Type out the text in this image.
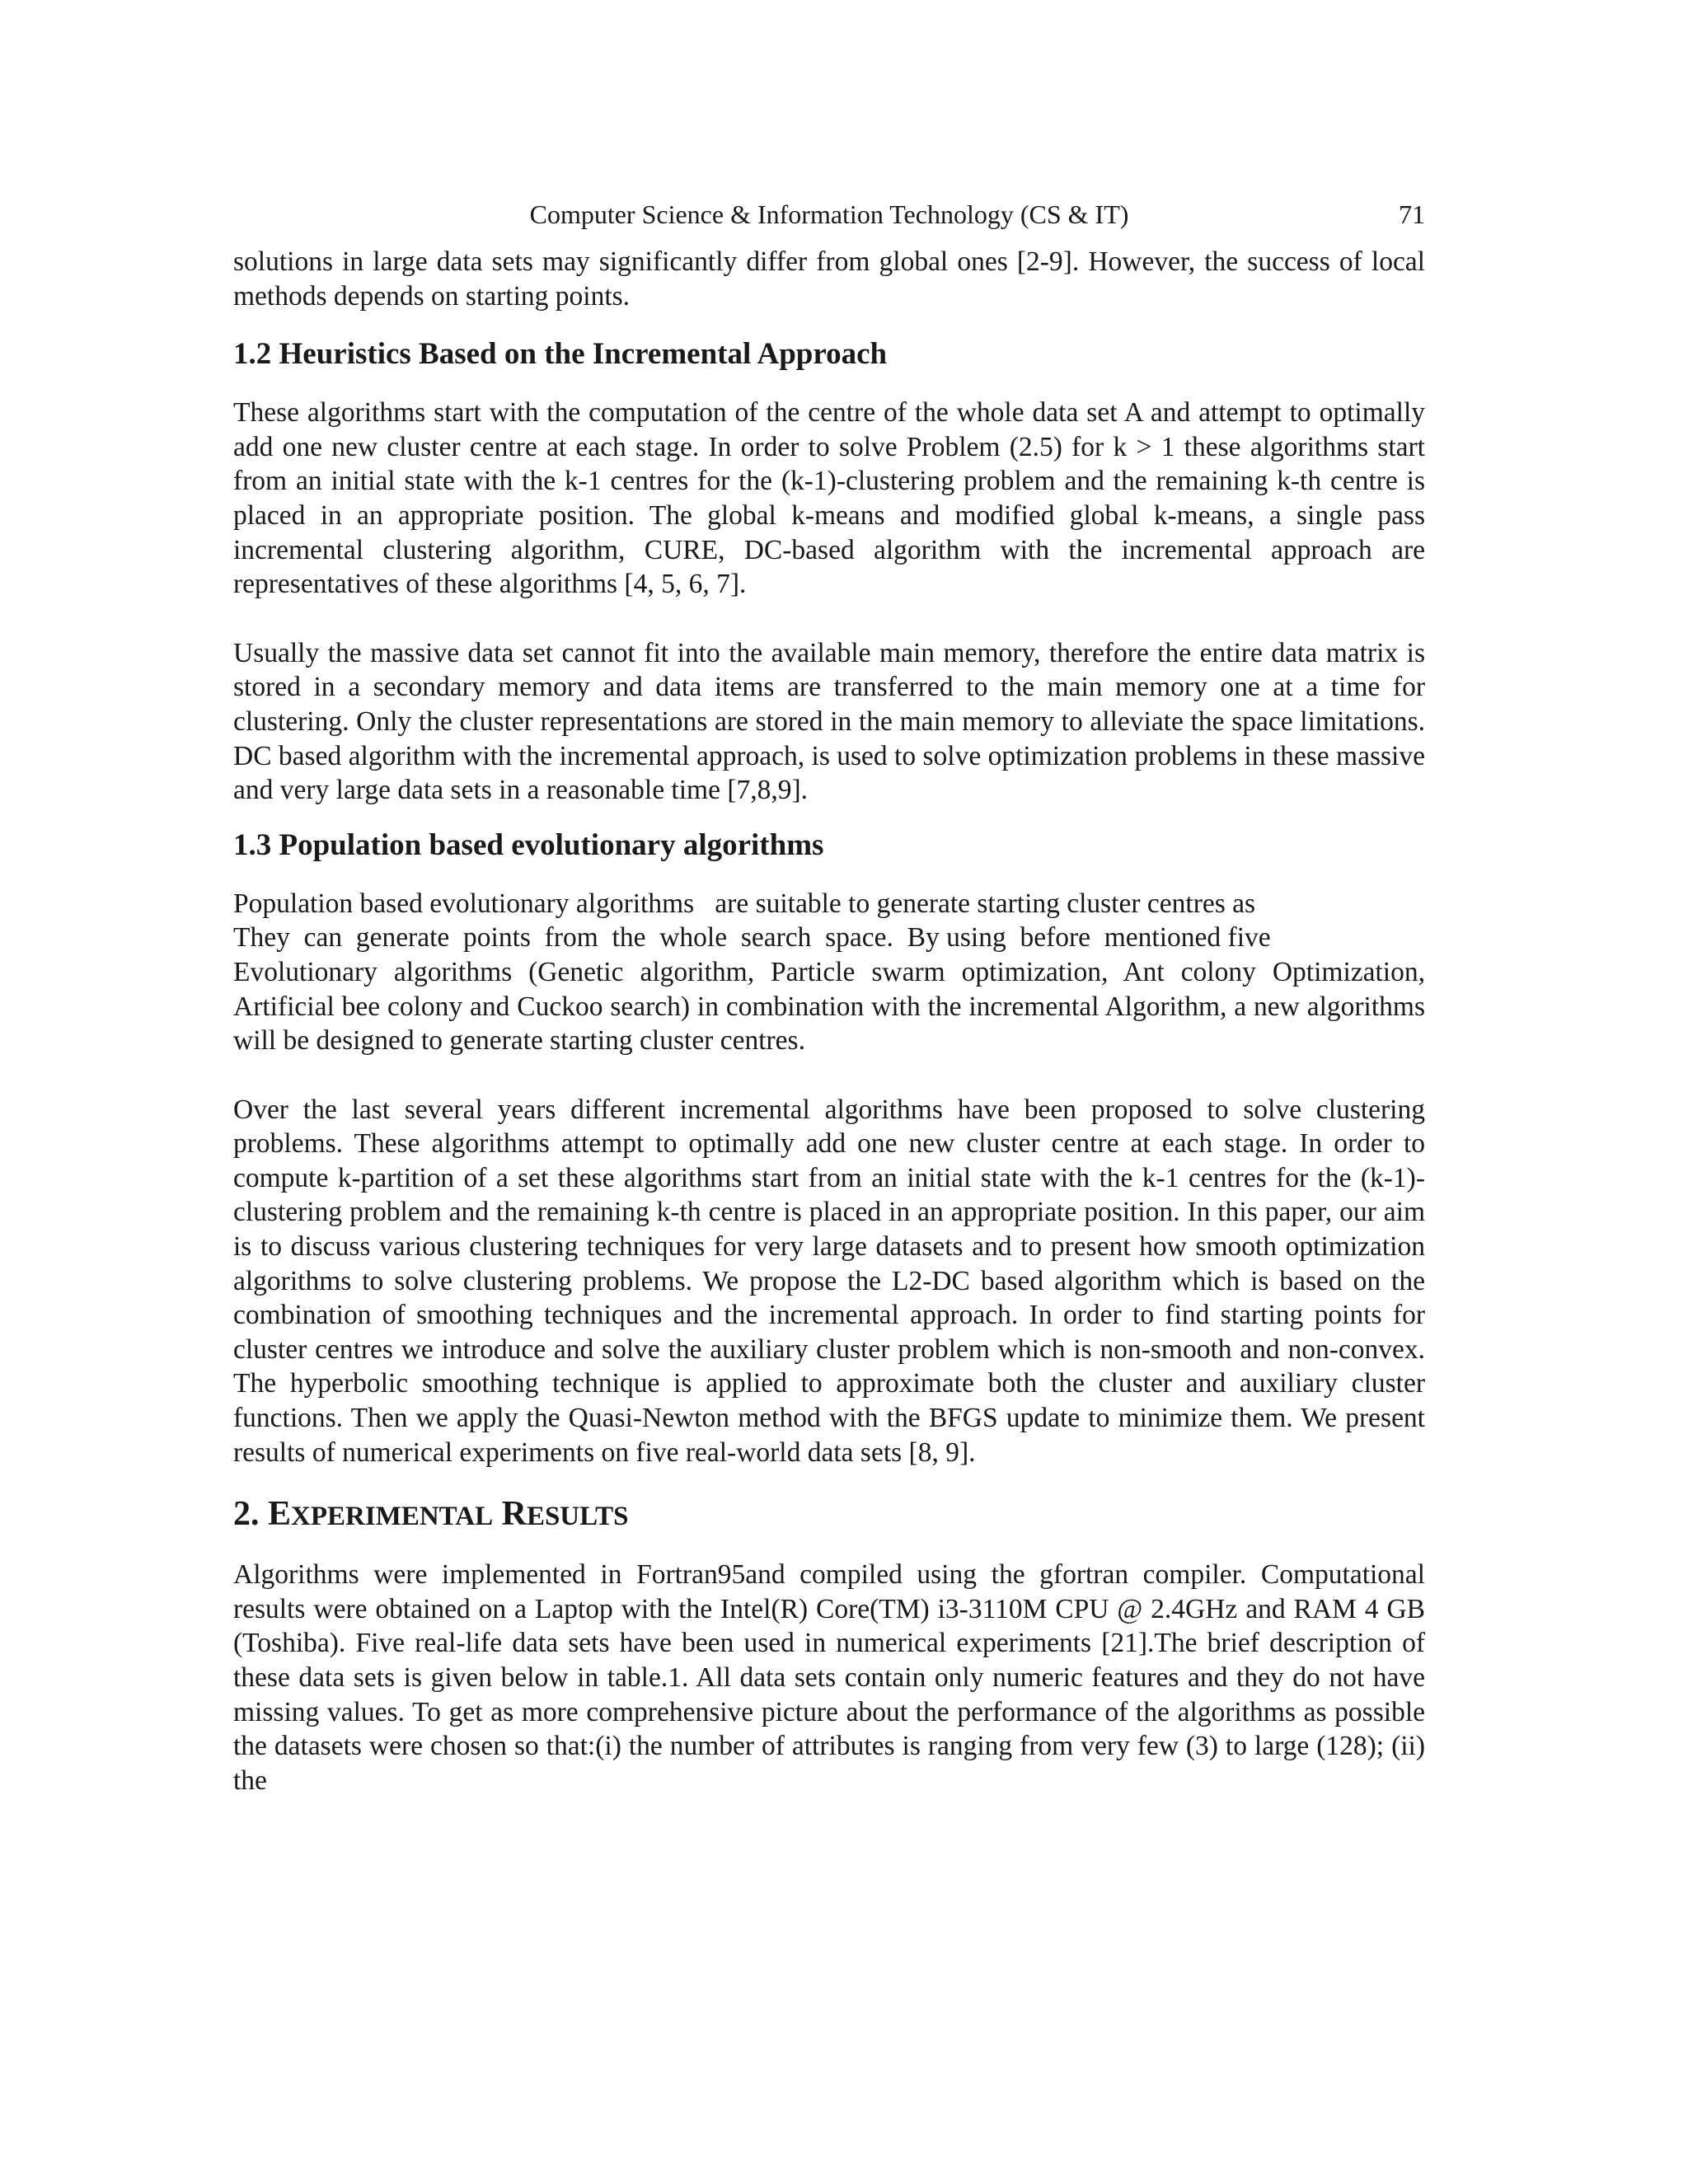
Computer Science & Information Technology (CS & IT)	71

solutions in large data sets may significantly differ from global ones [2-9]. However, the success of local methods depends on starting points.

1.2 Heuristics Based on the Incremental Approach

These algorithms start with the computation of the centre of the whole data set A and attempt to optimally add one new cluster centre at each stage. In order to solve Problem (2.5) for k > 1 these algorithms start from an initial state with the k-1 centres for the (k-1)-clustering problem and the remaining k-th centre is placed in an appropriate position. The global k-means and modified global k-means, a single pass incremental clustering algorithm, CURE, DC-based algorithm with the incremental approach are representatives of these algorithms [4, 5, 6, 7].

Usually the massive data set cannot fit into the available main memory, therefore the entire data matrix is stored in a secondary memory and data items are transferred to the main memory one at a time for clustering. Only the cluster representations are stored in the main memory to alleviate the space limitations. DC based algorithm with the incremental approach, is used to solve optimization problems in these massive and very large data sets in a reasonable time [7,8,9].

1.3 Population based evolutionary algorithms

Population based evolutionary algorithms   are suitable to generate starting cluster centres as
They  can  generate  points  from  the  whole  search  space.  By using  before  mentioned five
Evolutionary algorithms (Genetic algorithm, Particle swarm optimization, Ant colony Optimization, Artificial bee colony and Cuckoo search) in combination with the incremental Algorithm, a new algorithms will be designed to generate starting cluster centres.

Over the last several years different incremental algorithms have been proposed to solve clustering problems. These algorithms attempt to optimally add one new cluster centre at each stage. In order to compute k-partition of a set these algorithms start from an initial state with the k-1 centres for the (k-1)-clustering problem and the remaining k-th centre is placed in an appropriate position. In this paper, our aim is to discuss various clustering techniques for very large datasets and to present how smooth optimization algorithms to solve clustering problems. We propose the L2-DC based algorithm which is based on the combination of smoothing techniques and the incremental approach. In order to find starting points for cluster centres we introduce and solve the auxiliary cluster problem which is non-smooth and non-convex. The hyperbolic smoothing technique is applied to approximate both the cluster and auxiliary cluster functions. Then we apply the Quasi-Newton method with the BFGS update to minimize them. We present results of numerical experiments on five real-world data sets [8, 9].

2. EXPERIMENTAL RESULTS

Algorithms were implemented in Fortran95and compiled using the gfortran compiler. Computational results were obtained on a Laptop with the Intel(R) Core(TM) i3-3110M CPU @ 2.4GHz and RAM 4 GB (Toshiba). Five real-life data sets have been used in numerical experiments [21].The brief description of these data sets is given below in table.1. All data sets contain only numeric features and they do not have missing values. To get as more comprehensive picture about the performance of the algorithms as possible the datasets were chosen so that:(i) the number of attributes is ranging from very few (3) to large (128); (ii) the
